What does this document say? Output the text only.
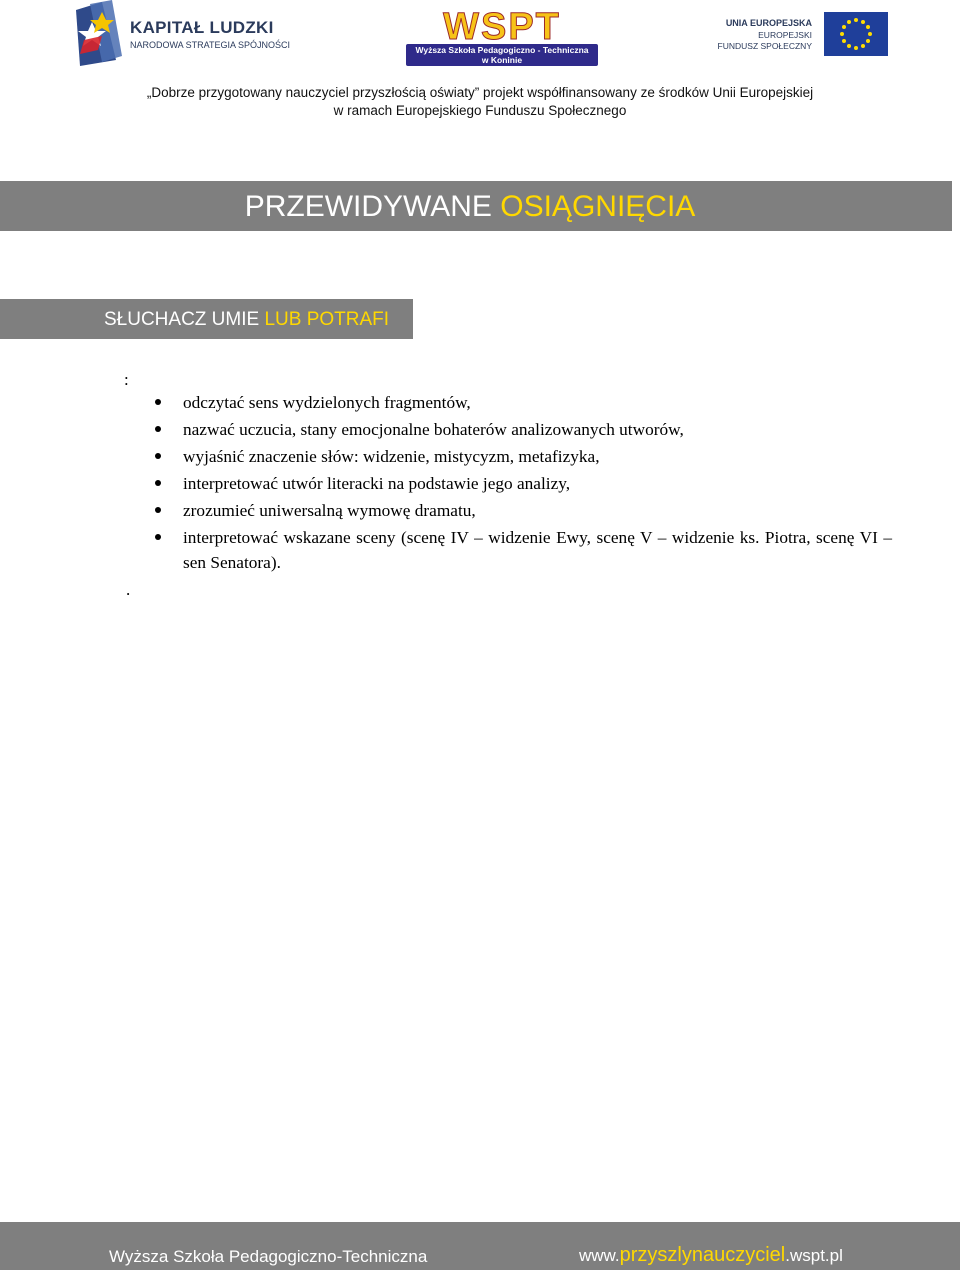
KAPITAŁ LUDZKI
NARODOWA STRATEGIA SPÓJNOŚCI	WSPT
Wyższa Szkoła Pedagogiczno - Techniczna
w Koninie
UNIA EUROPEJSKA
EUROPEJSKI
FUNDUSZ SPOŁECZNY
„Dobrze przygotowany nauczyciel przyszłością oświaty” projekt współfinansowany ze środków Unii Europejskiej
w ramach Europejskiego Funduszu Społecznego
PRZEWIDYWANE OSIĄGNIĘCIA
SŁUCHACZ UMIE LUB POTRAFI
:
odczytać sens wydzielonych fragmentów,
nazwać uczucia, stany emocjonalne bohaterów analizowanych utworów,
wyjaśnić znaczenie słów: widzenie, mistycyzm, metafizyka,
interpretować utwór literacki na podstawie jego analizy,
zrozumieć uniwersalną wymowę dramatu,
interpretować wskazane sceny (scenę IV – widzenie Ewy, scenę V – widzenie ks. Piotra, scenę VI – sen Senatora).
.
Wyższa Szkoła Pedagogiczno-Techniczna	www.przyszlynauczyciel.wspt.pl
